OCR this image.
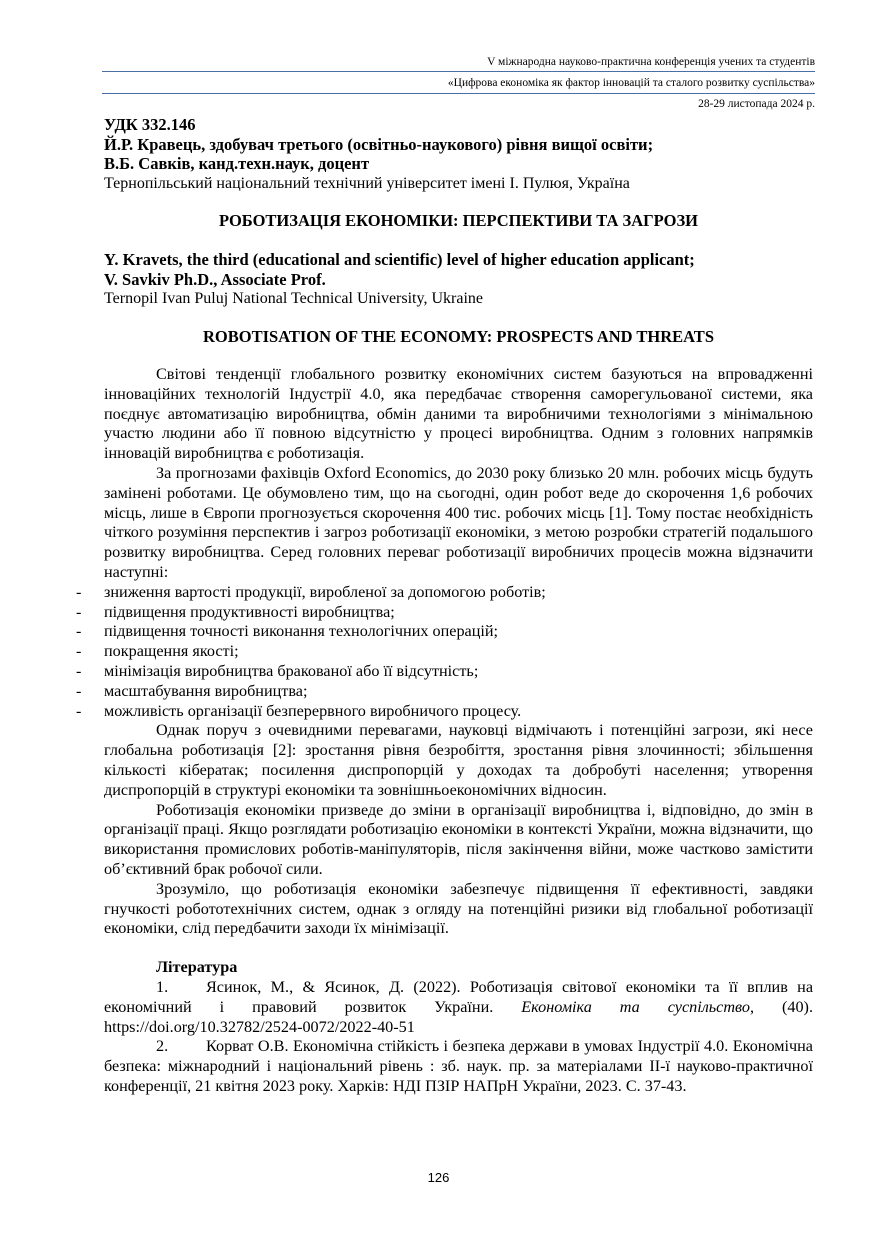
V міжнародна науково-практична конференція учених та студентів
«Цифрова економіка як фактор інновацій та сталого розвитку суспільства»
28-29 листопада 2024 р.
УДК 332.146
Й.Р. Кравець, здобувач третього (освітньо-наукового) рівня вищої освіти;
В.Б. Савків, канд.техн.наук, доцент
Тернопільський національний технічний університет імені І. Пулюя, Україна
РОБОТИЗАЦІЯ ЕКОНОМІКИ: ПЕРСПЕКТИВИ ТА ЗАГРОЗИ
Y. Kravets, the third (educational and scientific) level of higher education applicant;
V. Savkiv Ph.D., Associate Prof.
Ternopil Ivan Puluj National Technical University, Ukraine
ROBOTISATION OF THE ECONOMY: PROSPECTS AND THREATS

Світові тенденції глобального розвитку економічних систем базуються на впровадженні інноваційних технологій Індустрії 4.0, яка передбачає створення саморегульованої системи, яка поєднує автоматизацію виробництва, обмін даними та виробничими технологіями з мінімальною участю людини або її повною відсутністю у процесі виробництва. Одним з головних напрямків інновацій виробництва є роботизація.

За прогнозами фахівців Oxford Economics, до 2030 року близько 20 млн. робочих місць будуть замінені роботами. Це обумовлено тим, що на сьогодні, один робот веде до скорочення 1,6 робочих місць, лише в Європи прогнозується скорочення 400 тис. робочих місць [1]. Тому постає необхідність чіткого розуміння перспектив і загроз роботизації економіки, з метою розробки стратегій подальшого розвитку виробництва. Серед головних переваг роботизації виробничих процесів можна відзначити наступні:

- зниження вартості продукції, виробленої за допомогою роботів;
- підвищення продуктивності виробництва;
- підвищення точності виконання технологічних операцій;
- покращення якості;
- мінімізація виробництва бракованої або її відсутність;
- масштабування виробництва;
- можливість організації безперервного виробничого процесу.

Однак поруч з очевидними перевагами, науковці відмічають і потенційні загрози, які несе глобальна роботизація [2]: зростання рівня безробіття, зростання рівня злочинності; збільшення кількості кібератак; посилення диспропорцій у доходах та добробуті населення; утворення диспропорцій в структурі економіки та зовнішньоекономічних відносин.

Роботизація економіки призведе до зміни в організації виробництва і, відповідно, до змін в організації праці. Якщо розглядати роботизацію економіки в контексті України, можна відзначити, що використання промислових роботів-маніпуляторів, після закінчення війни, може частково замістити об’єктивний брак робочої сили.

Зрозуміло, що роботизація економіки забезпечує підвищення її ефективності, завдяки гнучкості робототехнічних систем, однак з огляду на потенційні ризики від глобальної роботизації економіки, слід передбачити заходи їх мінімізації.

Література

1. Ясинок, М., & Ясинок, Д. (2022). Роботизація світової економіки та її вплив на економічний і правовий розвиток України. Економіка та суспільство, (40). https://doi.org/10.32782/2524-0072/2022-40-51

2. Корват О.В. Економічна стійкість і безпека держави в умовах Індустрії 4.0. Економічна безпека: міжнародний і національний рівень : зб. наук. пр. за матеріалами ІІ-ї науково-практичної конференції, 21 квітня 2023 року. Харків: НДІ ПЗІР НАПрН України, 2023. С. 37-43.

126
